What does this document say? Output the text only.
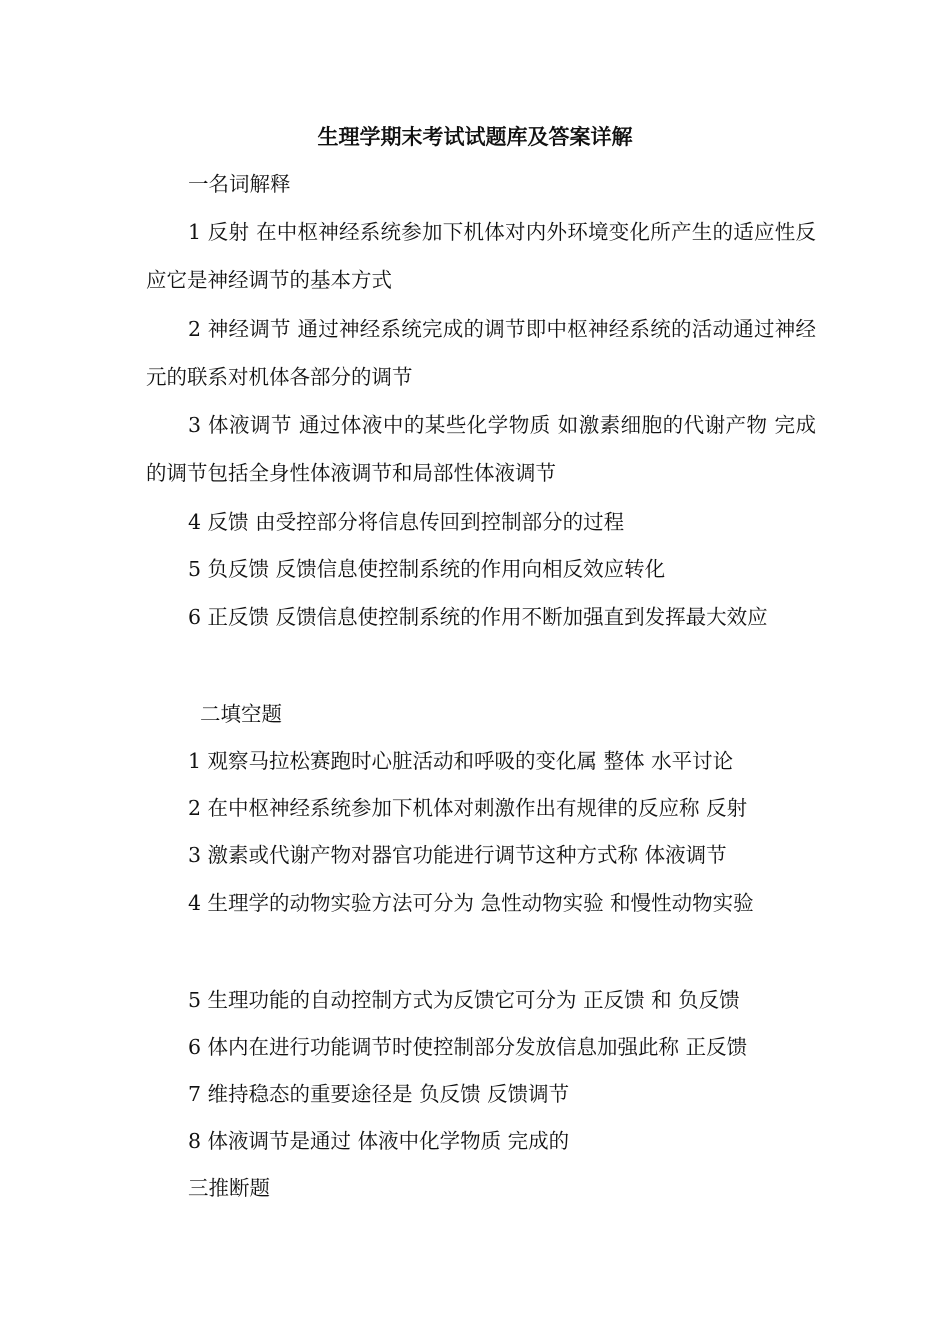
生理学期末考试试题库及答案详解

一名词解释

1 反射 在中枢神经系统参加下机体对内外环境变化所产生的适应性反应它是神经调节的基本方式

2 神经调节 通过神经系统完成的调节即中枢神经系统的活动通过神经元的联系对机体各部分的调节

3 体液调节 通过体液中的某些化学物质 如激素细胞的代谢产物 完成的调节包括全身性体液调节和局部性体液调节

4 反馈 由受控部分将信息传回到控制部分的过程

5 负反馈 反馈信息使控制系统的作用向相反效应转化

6 正反馈 反馈信息使控制系统的作用不断加强直到发挥最大效应

二填空题

1 观察马拉松赛跑时心脏活动和呼吸的变化属 整体 水平讨论

2 在中枢神经系统参加下机体对刺激作出有规律的反应称 反射

3 激素或代谢产物对器官功能进行调节这种方式称 体液调节

4 生理学的动物实验方法可分为 急性动物实验 和慢性动物实验

5 生理功能的自动控制方式为反馈它可分为 正反馈 和 负反馈

6 体内在进行功能调节时使控制部分发放信息加强此称 正反馈

7 维持稳态的重要途径是 负反馈 反馈调节

8 体液调节是通过 体液中化学物质 完成的

三推断题
